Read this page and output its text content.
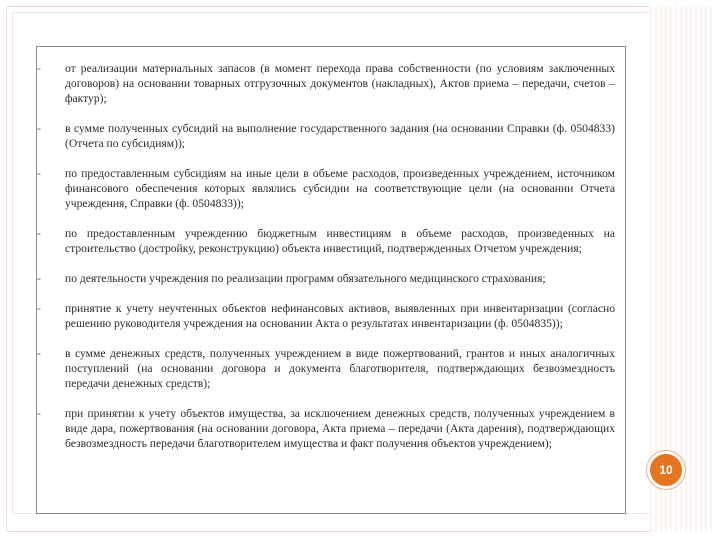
- от реализации материальных запасов (в момент перехода права собственности (по условиям заключенных договоров) на основании товарных отгрузочных документов (накладных), Актов приема – передачи, счетов – фактур);
- в сумме полученных субсидий на выполнение государственного задания (на основании Справки (ф. 0504833) (Отчета по субсидиям));
- по предоставленным субсидиям на иные цели в объеме расходов, произведенных учреждением, источником финансового обеспечения которых являлись субсидии на соответствующие цели (на основании Отчета учреждения, Справки (ф. 0504833));
- по предоставленным учреждению бюджетным инвестициям в объеме расходов, произведенных на строительство (достройку, реконструкцию) объекта инвестиций, подтвержденных Отчетом учреждения;
- по деятельности учреждения по реализации программ обязательного медицинского страхования;
- принятие к учету неучтенных объектов нефинансовых активов, выявленных при инвентаризации (согласно решению руководителя учреждения на основании Акта о результатах инвентаризации (ф. 0504835));
- в сумме денежных средств, полученных учреждением в виде пожертвований, грантов и иных аналогичных поступлений (на основании договора и документа благотворителя, подтверждающих безвозмездность передачи денежных средств);
- при принятии к учету объектов имущества, за исключением денежных средств, полученных учреждением в виде дара, пожертвования (на основании договора, Акта приема – передачи (Акта дарения), подтверждающих безвозмездность передачи благотворителем имущества и факт получения объектов учреждением);
10
